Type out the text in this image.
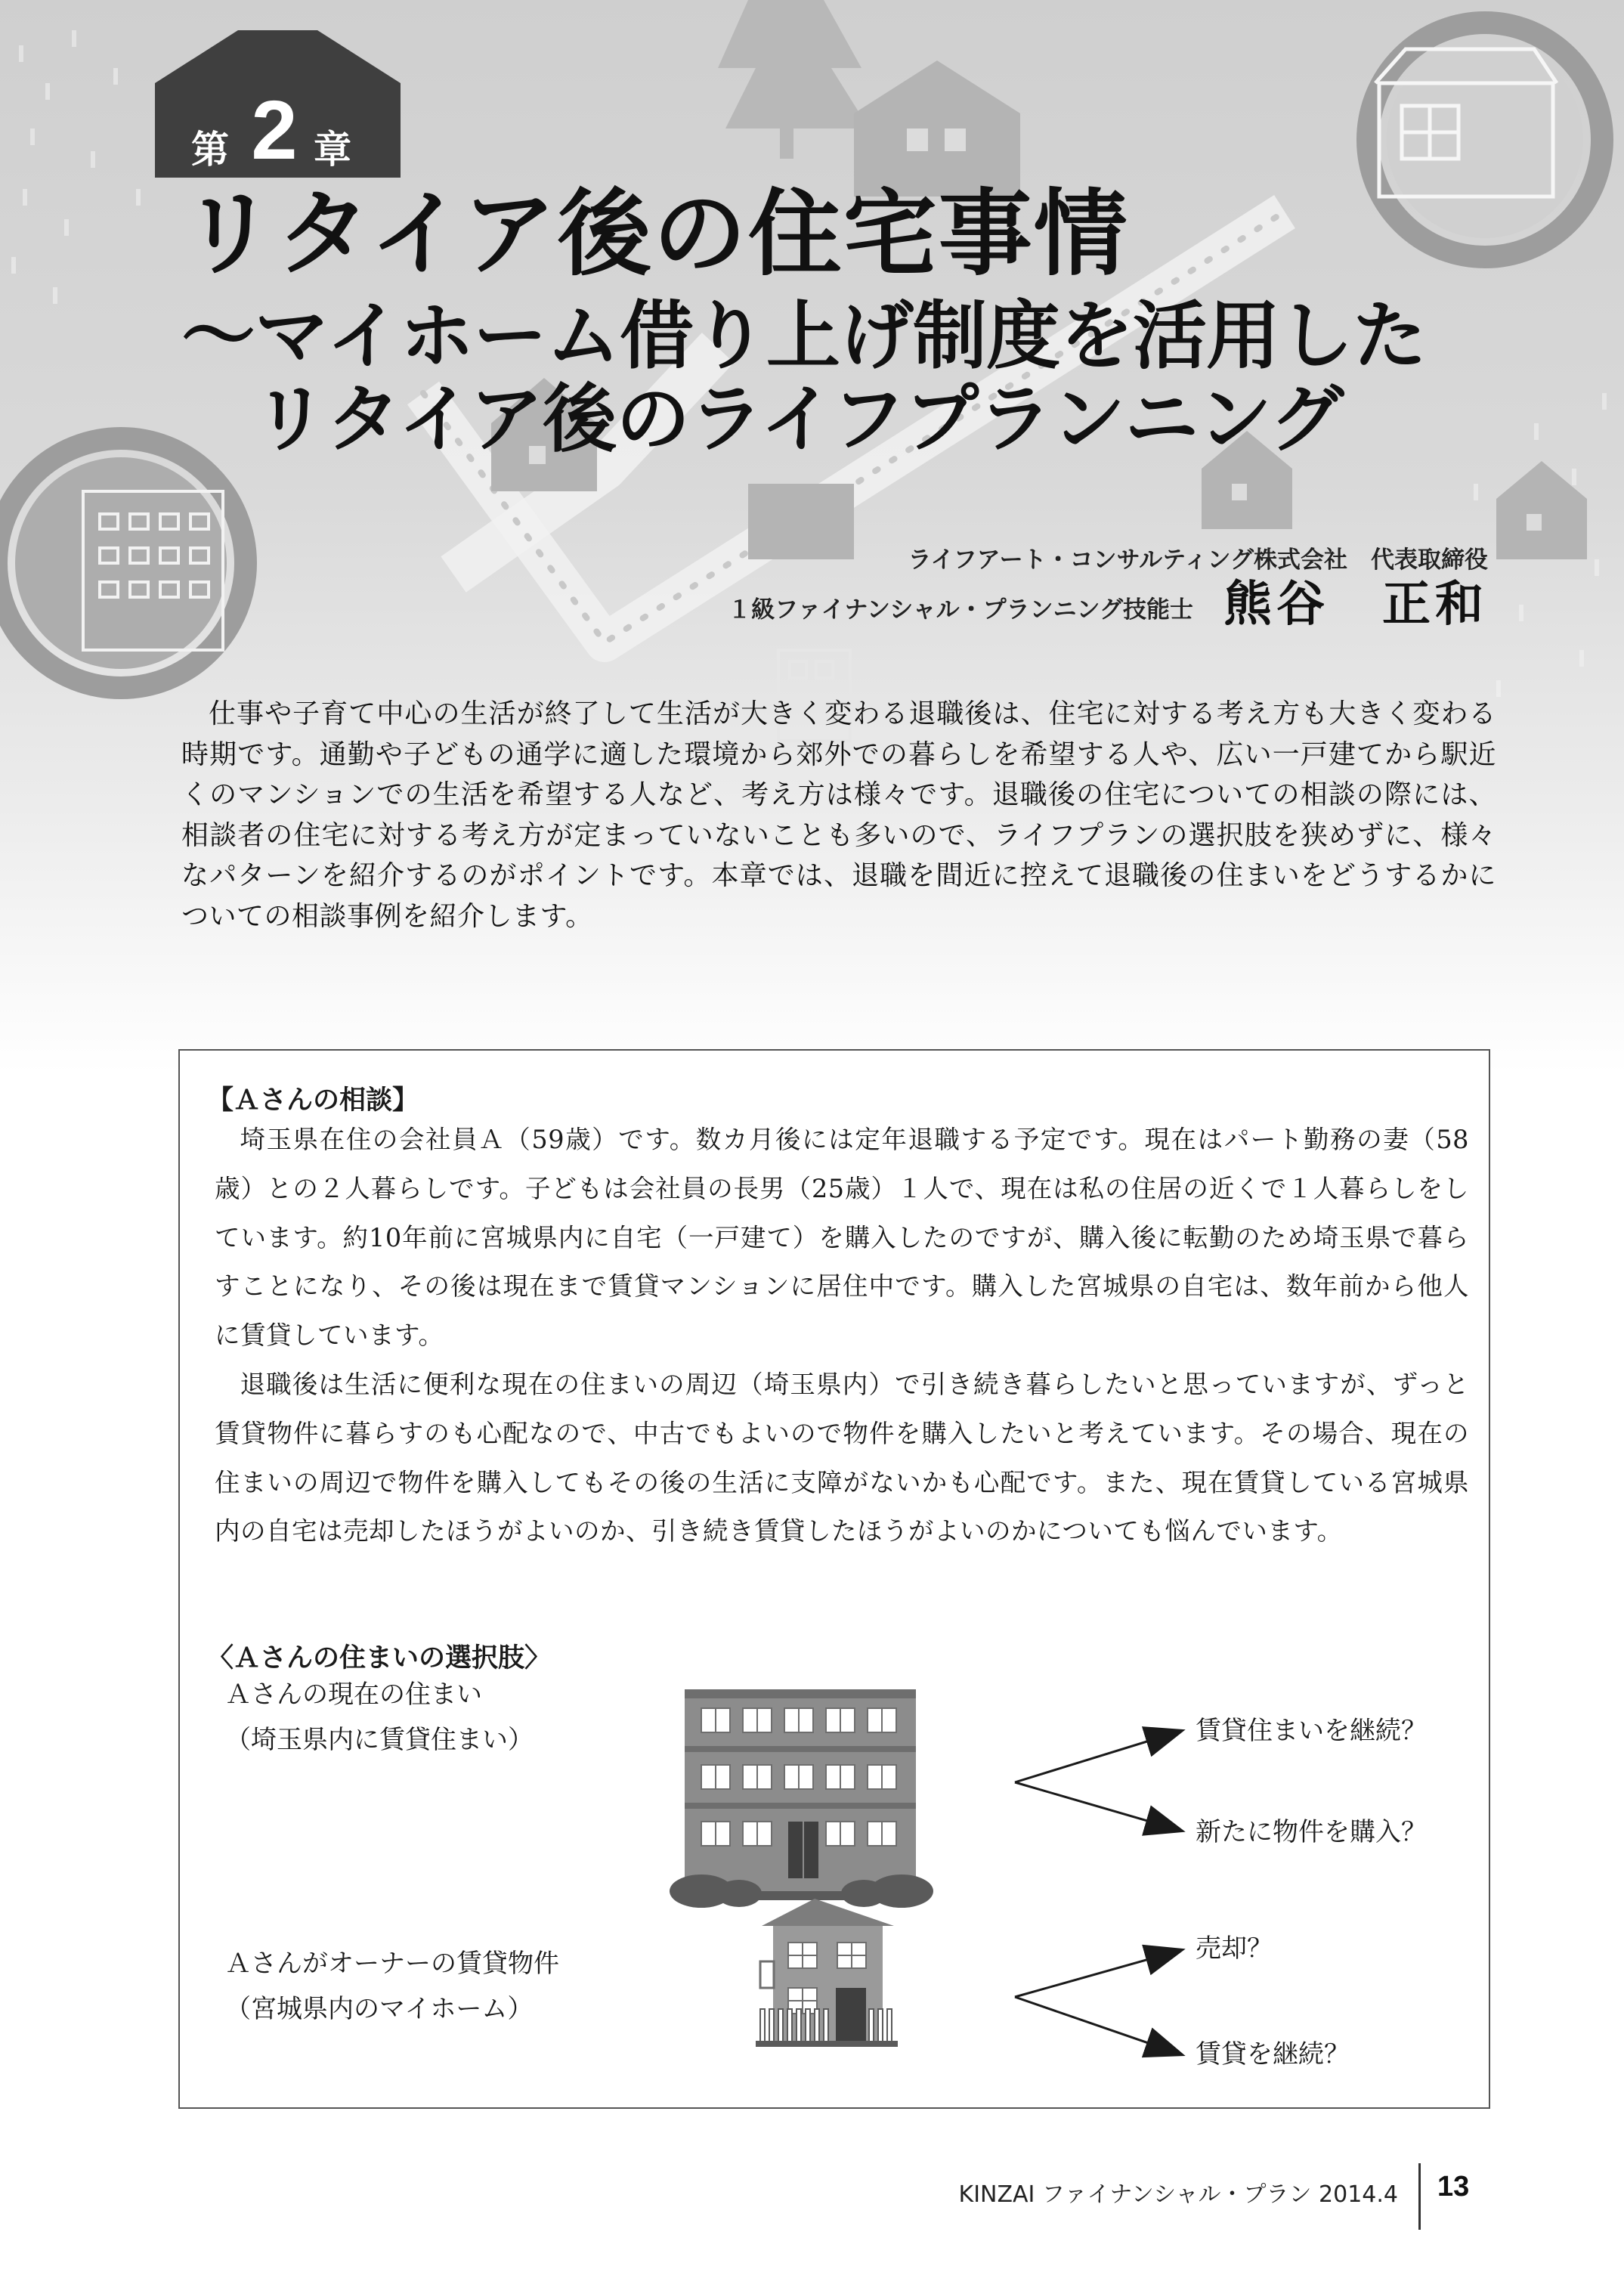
第 2 章
リタイア後の住宅事情
～マイホーム借り上げ制度を活用した
リタイア後のライフプランニング
ライフアート・コンサルティング株式会社　代表取締役
１級ファイナンシャル・プランニング技能士 熊谷　正和

仕事や子育て中心の生活が終了して生活が大きく変わる退職後は、住宅に対する考え方も大きく変わる時期です。通勤や子どもの通学に適した環境から郊外での暮らしを希望する人や、広い一戸建てから駅近くのマンションでの生活を希望する人など、考え方は様々です。退職後の住宅についての相談の際には、相談者の住宅に対する考え方が定まっていないことも多いので、ライフプランの選択肢を狭めずに、様々なパターンを紹介するのがポイントです。本章では、退職を間近に控えて退職後の住まいをどうするかについての相談事例を紹介します。

【Ａさんの相談】

埼玉県在住の会社員Ａ（59歳）です。数カ月後には定年退職する予定です。現在はパート勤務の妻（58歳）との２人暮らしです。子どもは会社員の長男（25歳）１人で、現在は私の住居の近くで１人暮らしをしています。約10年前に宮城県内に自宅（一戸建て）を購入したのですが、購入後に転勤のため埼玉県で暮らすことになり、その後は現在まで賃貸マンションに居住中です。購入した宮城県の自宅は、数年前から他人に賃貸しています。

退職後は生活に便利な現在の住まいの周辺（埼玉県内）で引き続き暮らしたいと思っていますが、ずっと賃貸物件に暮らすのも心配なので、中古でもよいので物件を購入したいと考えています。その場合、現在の住まいの周辺で物件を購入してもその後の生活に支障がないかも心配です。また、現在賃貸している宮城県内の自宅は売却したほうがよいのか、引き続き賃貸したほうがよいのかについても悩んでいます。

〈Ａさんの住まいの選択肢〉
Ａさんの現在の住まい
（埼玉県内に賃貸住まい）	賃貸住まいを継続？
新たに物件を購入？
Ａさんがオーナーの賃貸物件
（宮城県内のマイホーム）
売却？
賃貸を継続？
KINZAI ファイナンシャル・プラン 2014.4 13
